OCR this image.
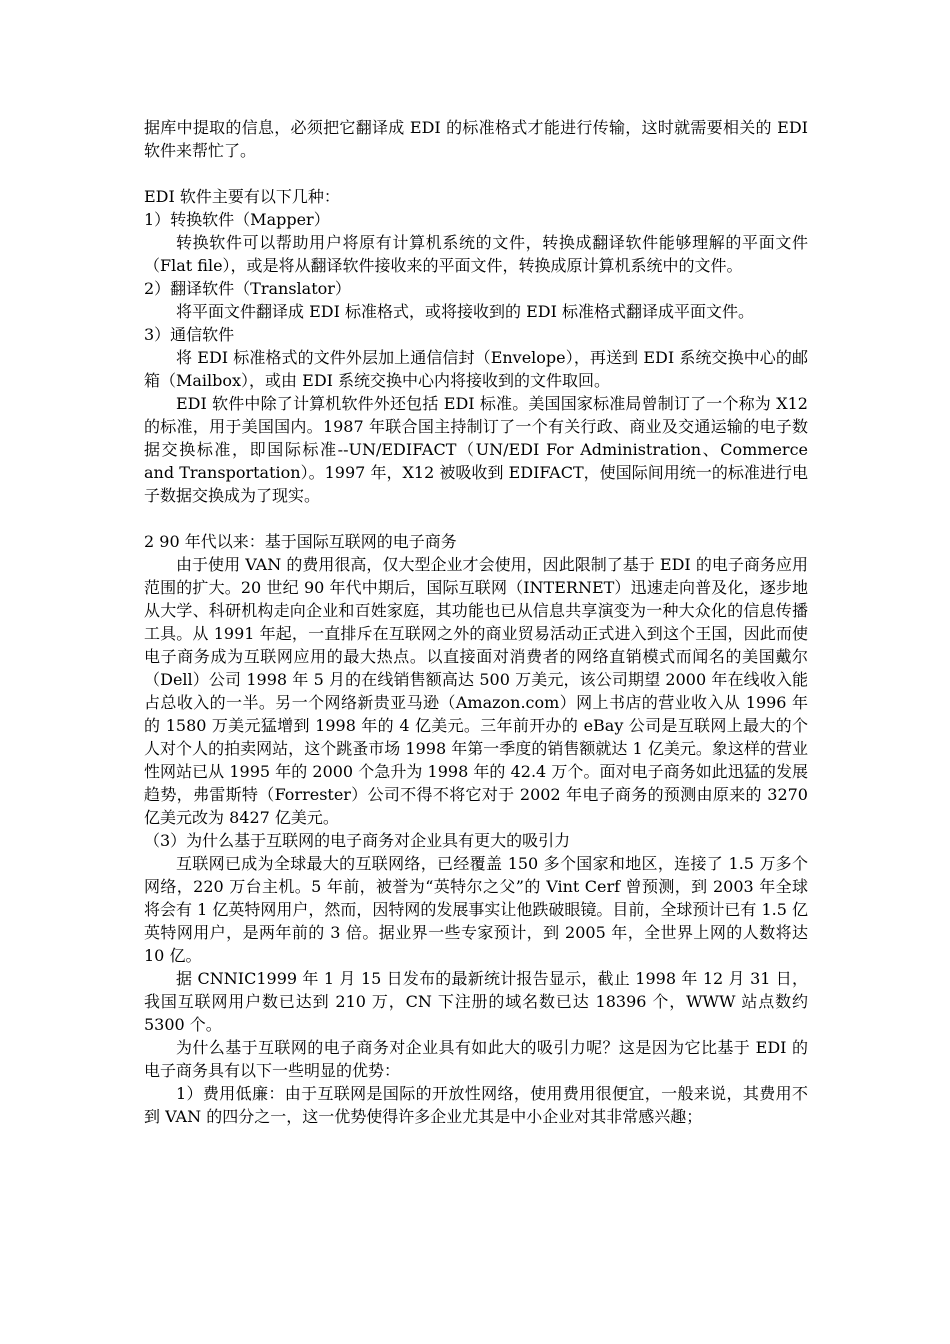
据库中提取的信息，必须把它翻译成 EDI 的标准格式才能进行传输，这时就需要相关的 EDI 软件来帮忙了。

EDI 软件主要有以下几种：

1）转换软件（Mapper）

转换软件可以帮助用户将原有计算机系统的文件，转换成翻译软件能够理解的平面文件（Flat file），或是将从翻译软件接收来的平面文件，转换成原计算机系统中的文件。

2）翻译软件（Translator）

将平面文件翻译成 EDI 标准格式，或将接收到的 EDI 标准格式翻译成平面文件。

3）通信软件

将 EDI 标准格式的文件外层加上通信信封（Envelope），再送到 EDI 系统交换中心的邮箱（Mailbox），或由 EDI 系统交换中心内将接收到的文件取回。

EDI 软件中除了计算机软件外还包括 EDI 标准。美国国家标准局曾制订了一个称为 X12 的标准，用于美国国内。1987 年联合国主持制订了一个有关行政、商业及交通运输的电子数据交换标准，即国际标准--UN/EDIFACT（UN/EDI For Administration、Commerce and Transportation）。1997 年，X12 被吸收到 EDIFACT，使国际间用统一的标准进行电子数据交换成为了现实。

2 90 年代以来：基于国际互联网的电子商务

由于使用 VAN 的费用很高，仅大型企业才会使用，因此限制了基于 EDI 的电子商务应用范围的扩大。20 世纪 90 年代中期后，国际互联网（INTERNET）迅速走向普及化，逐步地从大学、科研机构走向企业和百姓家庭，其功能也已从信息共享演变为一种大众化的信息传播工具。从 1991 年起，一直排斥在互联网之外的商业贸易活动正式进入到这个王国，因此而使电子商务成为互联网应用的最大热点。以直接面对消费者的网络直销模式而闻名的美国戴尔（Dell）公司 1998 年 5 月的在线销售额高达 500 万美元，该公司期望 2000 年在线收入能占总收入的一半。另一个网络新贵亚马逊（Amazon.com）网上书店的营业收入从 1996 年的 1580 万美元猛增到 1998 年的 4 亿美元。三年前开办的 eBay 公司是互联网上最大的个人对个人的拍卖网站，这个跳蚤市场 1998 年第一季度的销售额就达 1 亿美元。象这样的营业性网站已从 1995 年的 2000 个急升为 1998 年的 42.4 万个。面对电子商务如此迅猛的发展趋势，弗雷斯特（Forrester）公司不得不将它对于 2002 年电子商务的预测由原来的 3270 亿美元改为 8427 亿美元。

（3）为什么基于互联网的电子商务对企业具有更大的吸引力

互联网已成为全球最大的互联网络，已经覆盖 150 多个国家和地区，连接了 1.5 万多个网络，220 万台主机。5 年前，被誉为“英特尔之父”的 Vint Cerf 曾预测，到 2003 年全球将会有 1 亿英特网用户，然而，因特网的发展事实让他跌破眼镜。目前，全球预计已有 1.5 亿英特网用户，是两年前的 3 倍。据业界一些专家预计，到 2005 年，全世界上网的人数将达 10 亿。

据 CNNIC1999 年 1 月 15 日发布的最新统计报告显示，截止 1998 年 12 月 31 日，我国互联网用户数已达到 210 万，CN 下注册的域名数已达 18396 个，WWW 站点数约 5300 个。

为什么基于互联网的电子商务对企业具有如此大的吸引力呢？这是因为它比基于 EDI 的电子商务具有以下一些明显的优势：

1）费用低廉：由于互联网是国际的开放性网络，使用费用很便宜，一般来说，其费用不到 VAN 的四分之一，这一优势使得许多企业尤其是中小企业对其非常感兴趣；
